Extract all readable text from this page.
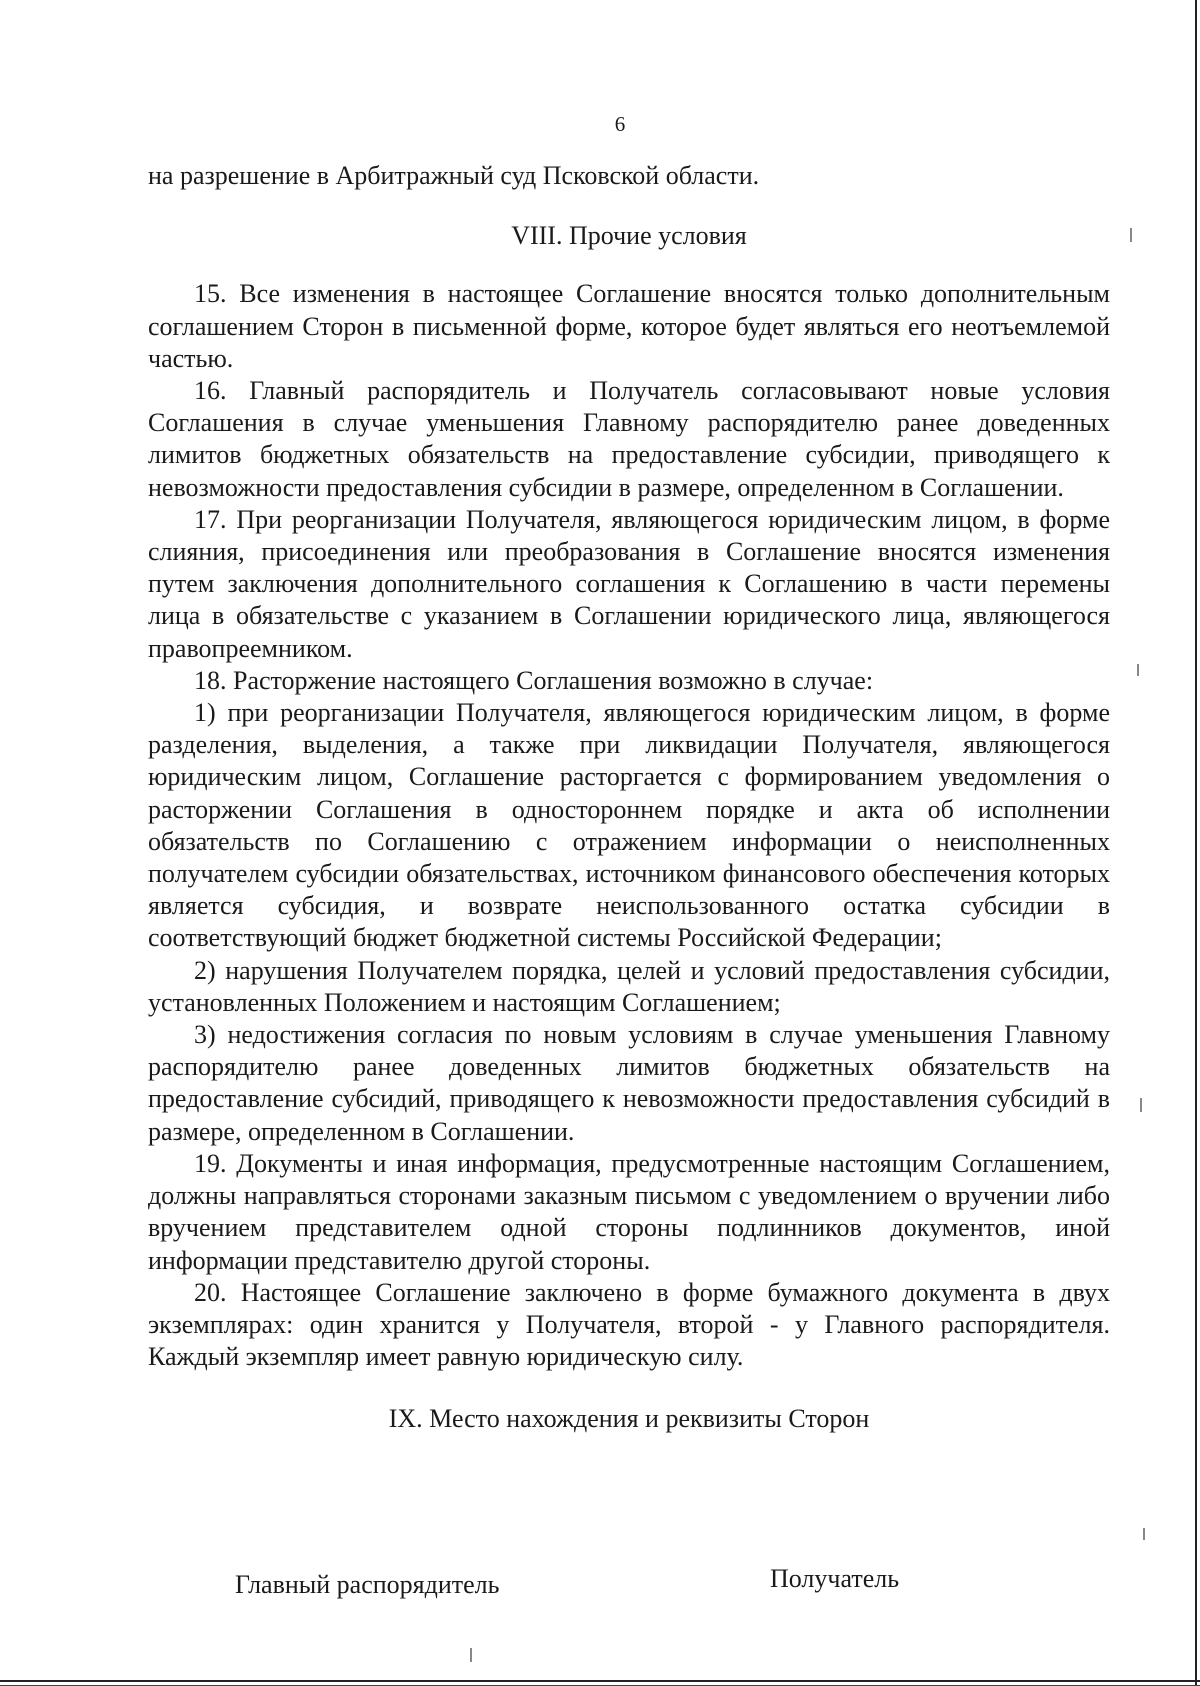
6

на разрешение в Арбитражный суд Псковской области.

VIII. Прочие условия

15. Все изменения в настоящее Соглашение вносятся только дополнительным соглашением Сторон в письменной форме, которое будет являться его неотъемлемой частью.

16. Главный распорядитель и Получатель согласовывают новые условия Соглашения в случае уменьшения Главному распорядителю ранее доведенных лимитов бюджетных обязательств на предоставление субсидии, приводящего к невозможности предоставления субсидии в размере, определенном в Соглашении.

17. При реорганизации Получателя, являющегося юридическим лицом, в форме слияния, присоединения или преобразования в Соглашение вносятся изменения путем заключения дополнительного соглашения к Соглашению в части перемены лица в обязательстве с указанием в Соглашении юридического лица, являющегося правопреемником.

18. Расторжение настоящего Соглашения возможно в случае:

1) при реорганизации Получателя, являющегося юридическим лицом, в форме разделения, выделения, а также при ликвидации Получателя, являющегося юридическим лицом, Соглашение расторгается с формированием уведомления о расторжении Соглашения в одностороннем порядке и акта об исполнении обязательств по Соглашению с отражением информации о неисполненных получателем субсидии обязательствах, источником финансового обеспечения которых является субсидия, и возврате неиспользованного остатка субсидии в соответствующий бюджет бюджетной системы Российской Федерации;

2) нарушения Получателем порядка, целей и условий предоставления субсидии, установленных Положением и настоящим Соглашением;

3) недостижения согласия по новым условиям в случае уменьшения Главному распорядителю ранее доведенных лимитов бюджетных обязательств на предоставление субсидий, приводящего к невозможности предоставления субсидий в размере, определенном в Соглашении.

19. Документы и иная информация, предусмотренные настоящим Соглашением, должны направляться сторонами заказным письмом с уведомлением о вручении либо вручением представителем одной стороны подлинников документов, иной информации представителю другой стороны.

20. Настоящее Соглашение заключено в форме бумажного документа в двух экземплярах: один хранится у Получателя, второй - у Главного распорядителя. Каждый экземпляр имеет равную юридическую силу.

IX. Место нахождения и реквизиты Сторон

Главный распорядитель	Получатель
